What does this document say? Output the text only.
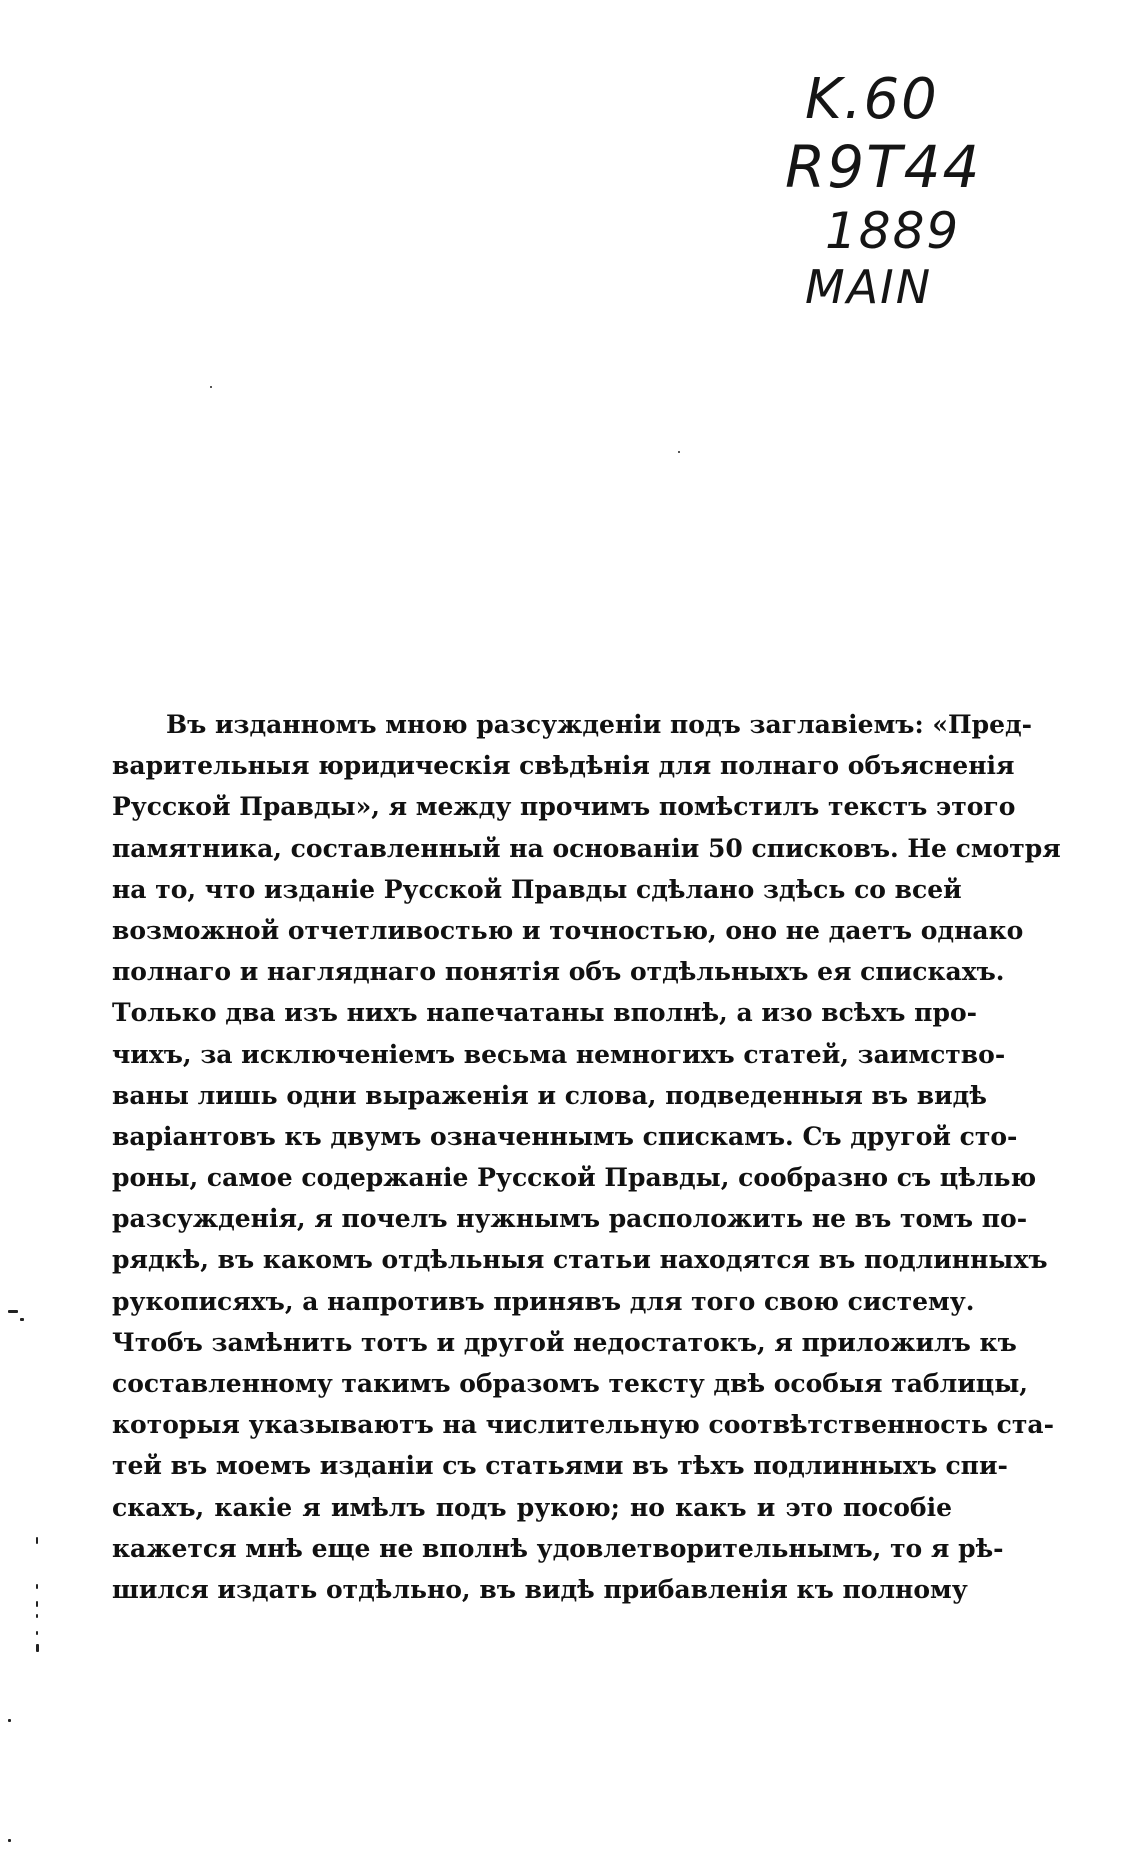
K.60
R9T44
1889
MAIN
Въ изданномъ мною разсужденіи подъ заглавіемъ: «Пред-
варительныя юридическія свѣдѣнія для полнаго объясненія
Русской Правды», я между прочимъ помѣстилъ текстъ этого
памятника, составленный на основаніи 50 списковъ. Не смотря
на то, что изданіе Русской Правды сдѣлано здѣсь со всей
возможной отчетливостью и точностью, оно не даетъ однако
полнаго и нагляднаго понятія объ отдѣльныхъ ея спискахъ.
Только два изъ нихъ напечатаны вполнѣ, а изо всѣхъ про-
чихъ, за исключеніемъ весьма немногихъ статей, заимство-
ваны лишь одни выраженія и слова, подведенныя въ видѣ
варіантовъ къ двумъ означеннымъ спискамъ. Съ другой сто-
роны, самое содержаніе Русской Правды, сообразно съ цѣлью
разсужденія, я почелъ нужнымъ расположить не въ томъ по-
рядкѣ, въ какомъ отдѣльныя статьи находятся въ подлинныхъ
рукописяхъ, а напротивъ принявъ для того свою систему.
Чтобъ замѣнить тотъ и другой недостатокъ, я приложилъ къ
составленному такимъ образомъ тексту двѣ особыя таблицы,
которыя указываютъ на числительную соотвѣтственность ста-
тей въ моемъ изданіи съ статьями въ тѣхъ подлинныхъ спи-
скахъ, какіе я имѣлъ подъ рукою; но какъ и это пособіе
кажется мнѣ еще не вполнѣ удовлетворительнымъ, то я рѣ-
шился издать отдѣльно, въ видѣ прибавленія къ полному
